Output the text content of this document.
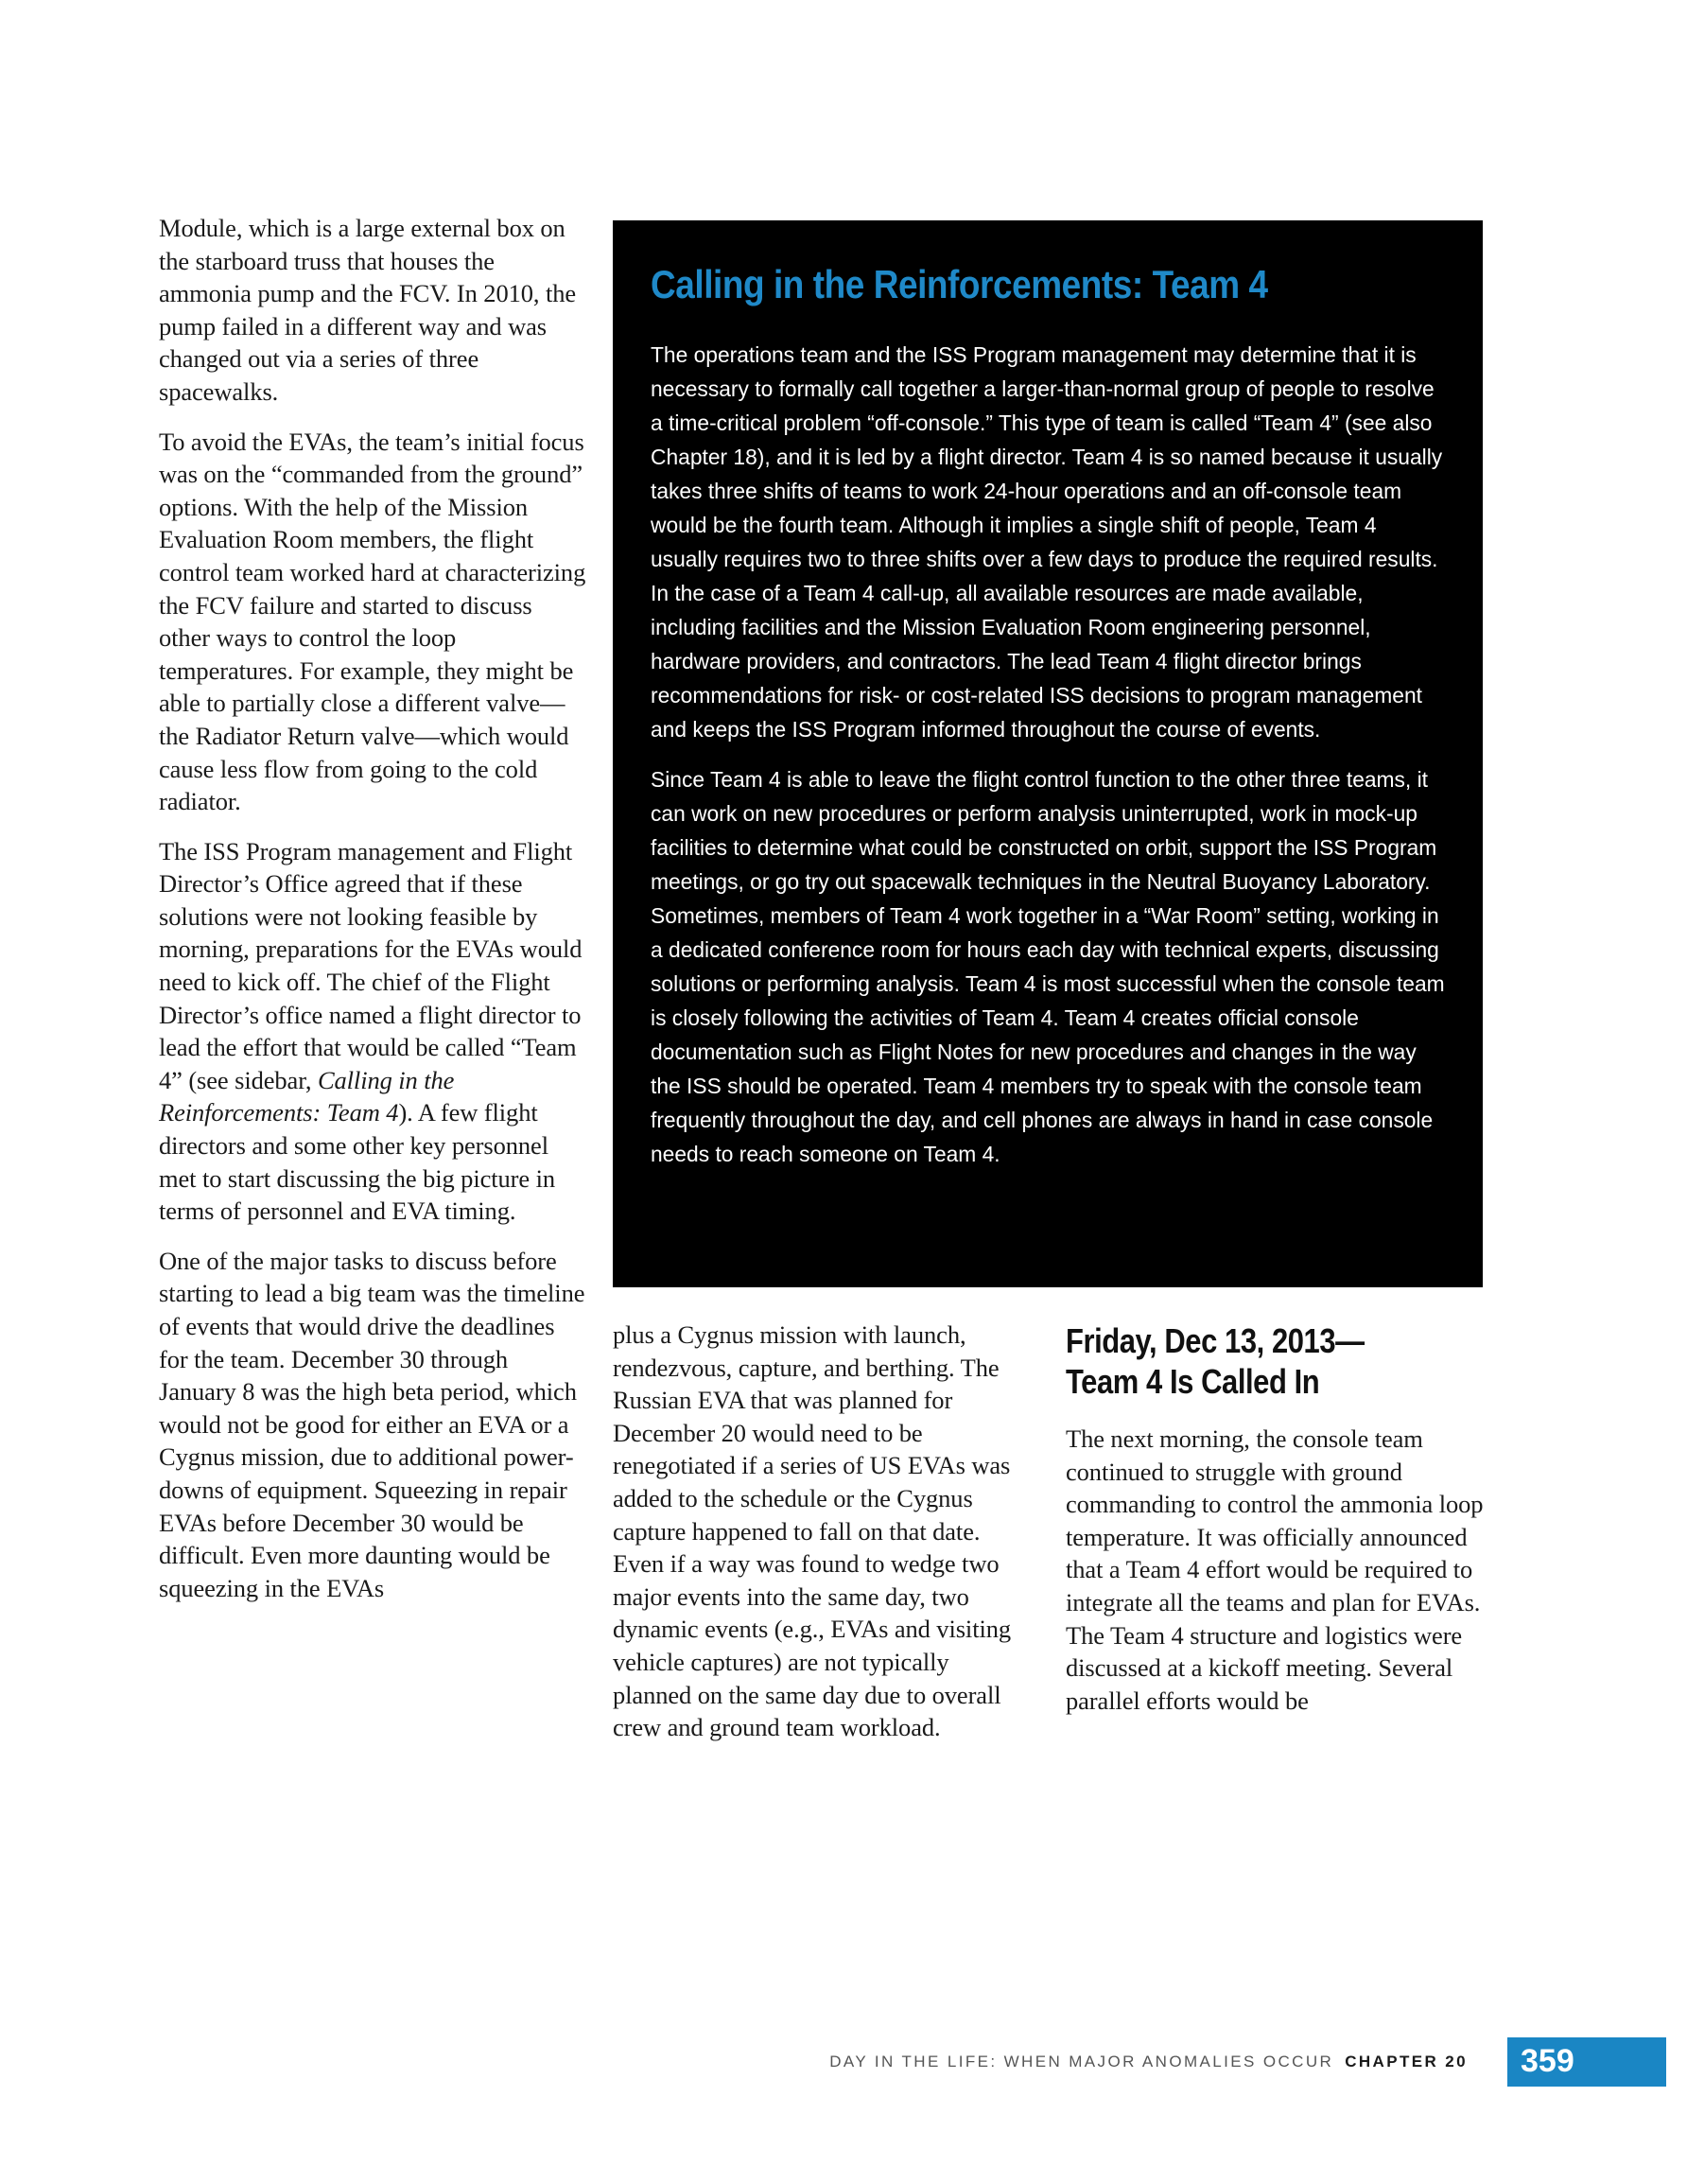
Module, which is a large external box on the starboard truss that houses the ammonia pump and the FCV. In 2010, the pump failed in a different way and was changed out via a series of three spacewalks.

To avoid the EVAs, the team’s initial focus was on the “commanded from the ground” options. With the help of the Mission Evaluation Room members, the flight control team worked hard at characterizing the FCV failure and started to discuss other ways to control the loop temperatures. For example, they might be able to partially close a different valve—the Radiator Return valve—which would cause less flow from going to the cold radiator.

The ISS Program management and Flight Director’s Office agreed that if these solutions were not looking feasible by morning, preparations for the EVAs would need to kick off. The chief of the Flight Director’s office named a flight director to lead the effort that would be called “Team 4” (see sidebar, Calling in the Reinforcements: Team 4). A few flight directors and some other key personnel met to start discussing the big picture in terms of personnel and EVA timing.

One of the major tasks to discuss before starting to lead a big team was the timeline of events that would drive the deadlines for the team. December 30 through January 8 was the high beta period, which would not be good for either an EVA or a Cygnus mission, due to additional power-downs of equipment. Squeezing in repair EVAs before December 30 would be difficult. Even more daunting would be squeezing in the EVAs

Calling in the Reinforcements: Team 4

The operations team and the ISS Program management may determine that it is necessary to formally call together a larger-than-normal group of people to resolve a time-critical problem “off-console.” This type of team is called “Team 4” (see also Chapter 18), and it is led by a flight director. Team 4 is so named because it usually takes three shifts of teams to work 24-hour operations and an off-console team would be the fourth team. Although it implies a single shift of people, Team 4 usually requires two to three shifts over a few days to produce the required results. In the case of a Team 4 call-up, all available resources are made available, including facilities and the Mission Evaluation Room engineering personnel, hardware providers, and contractors. The lead Team 4 flight director brings recommendations for risk- or cost-related ISS decisions to program management and keeps the ISS Program informed throughout the course of events.

Since Team 4 is able to leave the flight control function to the other three teams, it can work on new procedures or perform analysis uninterrupted, work in mock-up facilities to determine what could be constructed on orbit, support the ISS Program meetings, or go try out spacewalk techniques in the Neutral Buoyancy Laboratory. Sometimes, members of Team 4 work together in a “War Room” setting, working in a dedicated conference room for hours each day with technical experts, discussing solutions or performing analysis. Team 4 is most successful when the console team is closely following the activities of Team 4. Team 4 creates official console documentation such as Flight Notes for new procedures and changes in the way the ISS should be operated. Team 4 members try to speak with the console team frequently throughout the day, and cell phones are always in hand in case console needs to reach someone on Team 4.

plus a Cygnus mission with launch, rendezvous, capture, and berthing. The Russian EVA that was planned for December 20 would need to be renegotiated if a series of US EVAs was added to the schedule or the Cygnus capture happened to fall on that date. Even if a way was found to wedge two major events into the same day, two dynamic events (e.g., EVAs and visiting vehicle captures) are not typically planned on the same day due to overall crew and ground team workload.

Friday, Dec 13, 2013—
Team 4 Is Called In

The next morning, the console team continued to struggle with ground commanding to control the ammonia loop temperature. It was officially announced that a Team 4 effort would be required to integrate all the teams and plan for EVAs. The Team 4 structure and logistics were discussed at a kickoff meeting. Several parallel efforts would be

DAY IN THE LIFE: WHEN MAJOR ANOMALIES OCCUR CHAPTER 20 359
